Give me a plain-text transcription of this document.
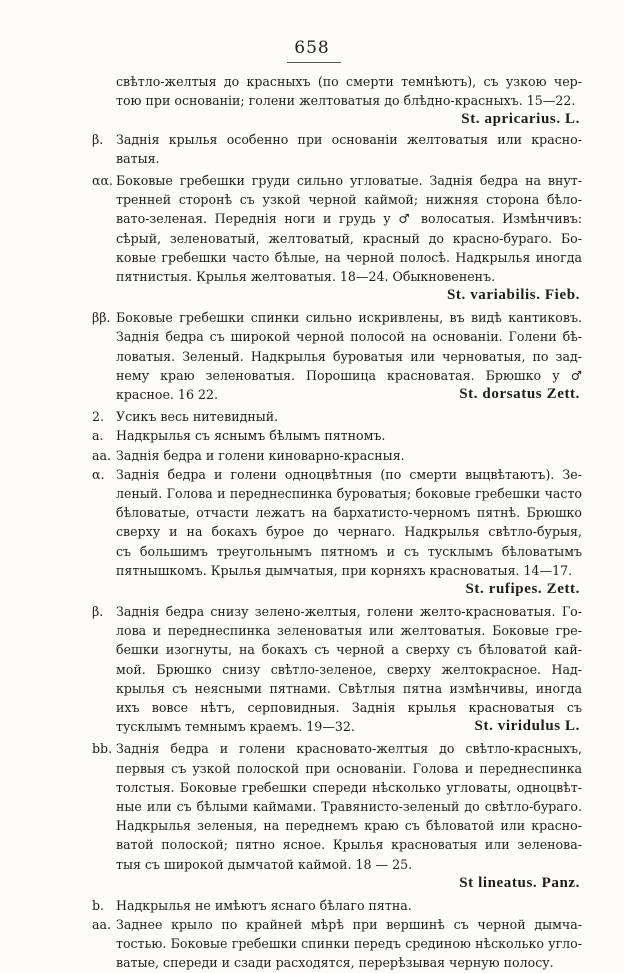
658
свѣтло-желтыя до красныхъ (по смерти темнѣютъ), съ узкою чер-
тою при основаніи; голени желтоватыя до блѣдно-красныхъ. 15—22.
St. apricarius. L.
β.	Заднія крылья особенно при основаніи желтоватыя или красно-
ватыя.
αα. Боковые гребешки груди сильно угловатые. Заднія бедра на внут-
тренней сторонѣ съ узкой черной каймой; нижняя сторона бѣло-
вато-зеленая. Переднія ноги и грудь у ♂ волосатыя. Измѣнчивъ:
сѣрый, зеленоватый, желтоватый, красный до красно-бураго. Бо-
ковые гребешки часто бѣлые, на черной полосѣ. Надкрылья иногда
пятнистыя. Крылья желтоватыя. 18—24. Обыкновененъ.
St. variabilis. Fieb.
ββ. Боковые гребешки спинки сильно искривлены, въ видѣ кантиковъ.
Заднія бедра съ широкой черной полосой на основаніи. Голени бѣ-
ловатыя. Зеленый. Надкрылья буроватыя или черноватыя, по зад-
нему краю зеленоватыя. Порошица красноватая. Брюшко у ♂
красное. 16 22.	St. dorsatus Zett.
2. Усикъ весь нитевидный.
a. Надкрылья съ яснымъ бѣлымъ пятномъ.
aa. Заднія бедра и голени киноварно-красныя.
α. Заднія бедра и голени одноцвѣтныя (по смерти выцвѣтаютъ). Зе-
леный. Голова и переднеспинка буроватыя; боковые гребешки часто
бѣловатые, отчасти лежатъ на бархатисто-черномъ пятнѣ. Брюшко
сверху и на бокахъ бурое до чернаго. Надкрылья свѣтло-бурыя,
съ большимъ треугольнымъ пятномъ и съ тусклымъ бѣловатымъ
пятнышкомъ. Крылья дымчатыя, при корняхъ красноватыя. 14—17.
St. rufipes. Zett.
β.	Заднія бедра снизу зелено-желтыя, голени желто-красноватыя. Го-
лова и переднеспинка зеленоватыя или желтоватыя. Боковые гре-
бешки изогнуты, на бокахъ съ черной а сверху съ бѣловатой кай-
мой. Брюшко снизу свѣтло-зеленое, сверху желтокрасное. Над-
крылья съ неясными пятнами. Свѣтлыя пятна измѣнчивы, иногда
ихъ вовсе нѣтъ, серповидныя. Заднія крылья красноватыя съ
тусклымъ темнымъ краемъ. 19—32.	St. viridulus L.
bb. Заднія бедра и голени красновато-желтыя до свѣтло-красныхъ,
первыя съ узкой полоской при основаніи. Голова и переднеспинка
толстыя. Боковые гребешки спереди нѣсколько угловаты, одноцвѣт-
ные или съ бѣлыми каймами. Травянисто-зеленый до свѣтло-бураго.
Надкрылья зеленыя, на переднемъ краю съ бѣловатой или красно-
ватой полоской; пятно ясное. Крылья красноватыя или зеленова-
тыя съ широкой дымчатой каймой. 18 — 25.
St lineatus. Panz.
b. Надкрылья не имѣютъ яснаго бѣлаго пятна.
aa. Заднее крыло по крайней мѣрѣ при вершинѣ съ черной дымча-
тостью. Боковые гребешки спинки передъ срединою нѣсколько угло-
ватые, спереди и сзади расходятся, перерѣзывая черную полосу.
